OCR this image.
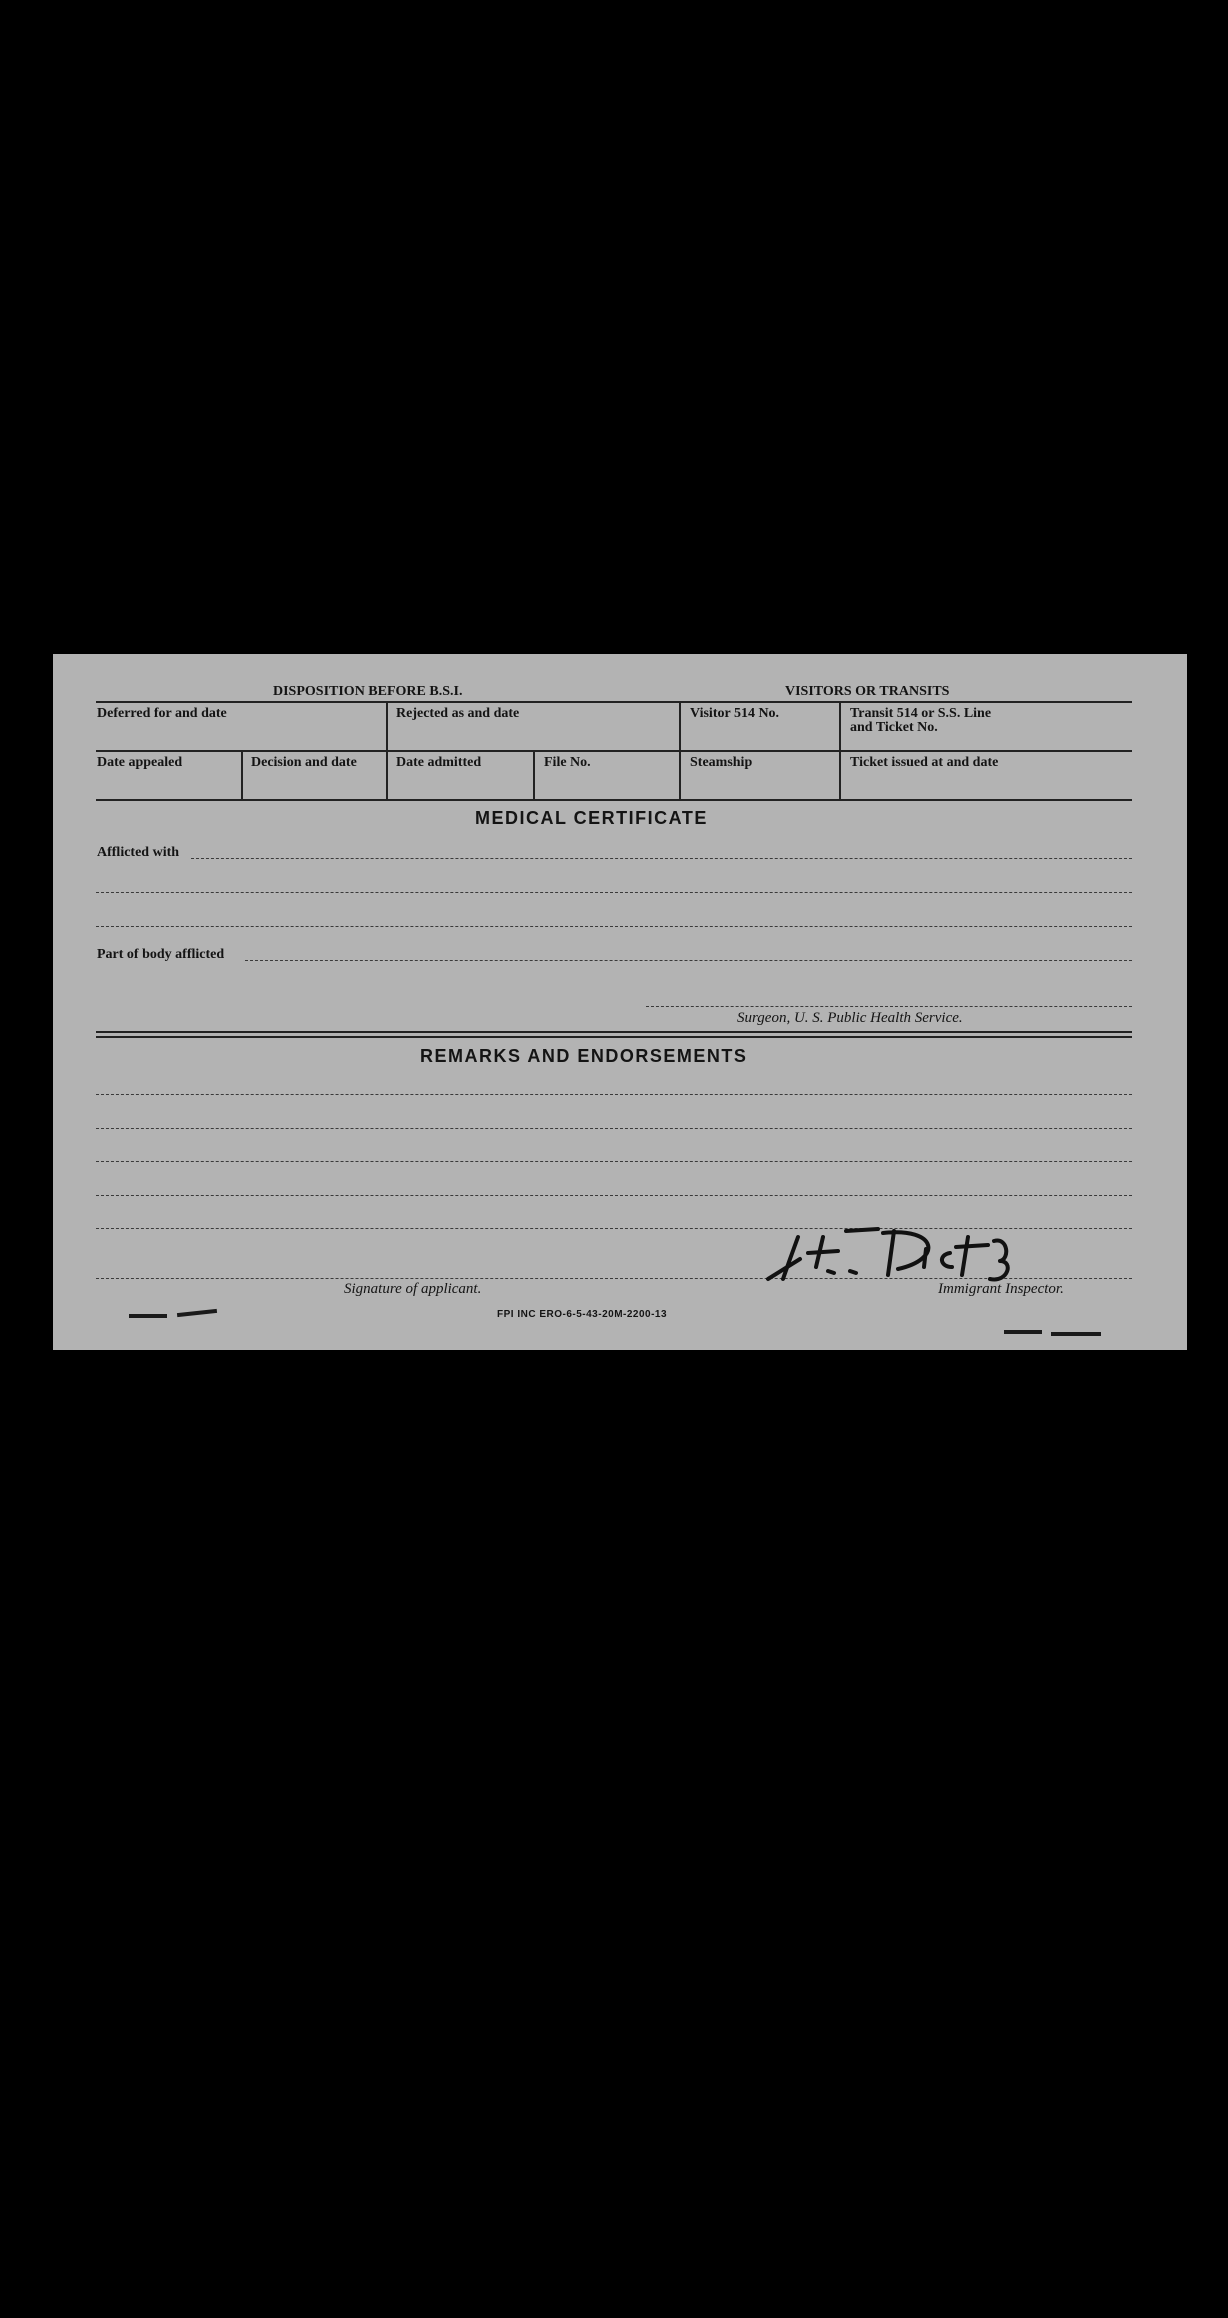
DISPOSITION BEFORE B.S.I.	VISITORS OR TRANSITS
Deferred for and date	Rejected as and date	Visitor 514 No.	Transit 514 or S.S. Line
and Ticket No.
Date appealed	Decision and date	Date admitted	File No.	Steamship	Ticket issued at and date
MEDICAL CERTIFICATE
Afflicted with
Part of body afflicted
Surgeon, U. S. Public Health Service.
REMARKS AND ENDORSEMENTS
Signature of applicant.	Immigrant Inspector.
FPI INC ERO-6-5-43-20M-2200-13
